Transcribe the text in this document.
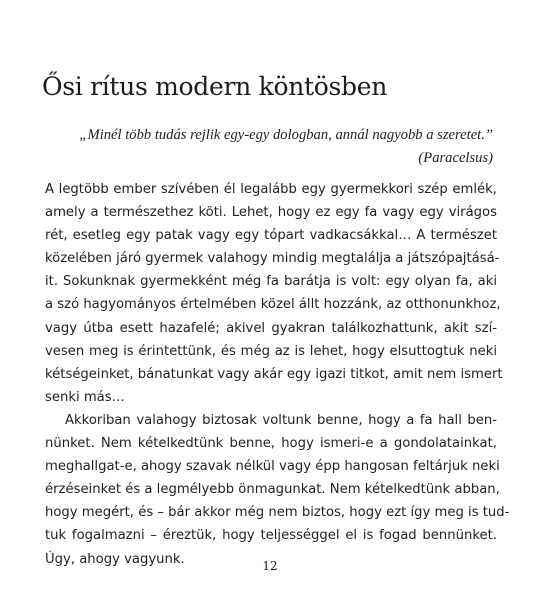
Ősi rítus modern köntösben
„Minél több tudás rejlik egy-egy dologban, annál nagyobb a szeretet.”
(Paracelsus)
A legtöbb ember szívében él legalább egy gyermekkori szép emlék,
amely a természethez köti. Lehet, hogy ez egy fa vagy egy virágos
rét, esetleg egy patak vagy egy tópart vadkacsákkal… A természet
közelében járó gyermek valahogy mindig megtalálja a játszópajtásá-
it. Sokunknak gyermekként még fa barátja is volt: egy olyan fa, aki
a szó hagyományos értelmében közel állt hozzánk, az otthonunkhoz,
vagy útba esett hazafelé; akivel gyakran találkozhattunk, akit szí-
vesen meg is érintettünk, és még az is lehet, hogy elsuttogtuk neki
kétségeinket, bánatunkat vagy akár egy igazi titkot, amit nem ismert
senki más…
Akkoriban valahogy biztosak voltunk benne, hogy a fa hall ben-
nünket. Nem kételkedtünk benne, hogy ismeri-e a gondolatainkat,
meghallgat-e, ahogy szavak nélkül vagy épp hangosan feltárjuk neki
érzéseinket és a legmélyebb önmagunkat. Nem kételkedtünk abban,
hogy megért, és – bár akkor még nem biztos, hogy ezt így meg is tud-
tuk fogalmazni – éreztük, hogy teljességgel el is fogad bennünket.
Úgy, ahogy vagyunk.	12
